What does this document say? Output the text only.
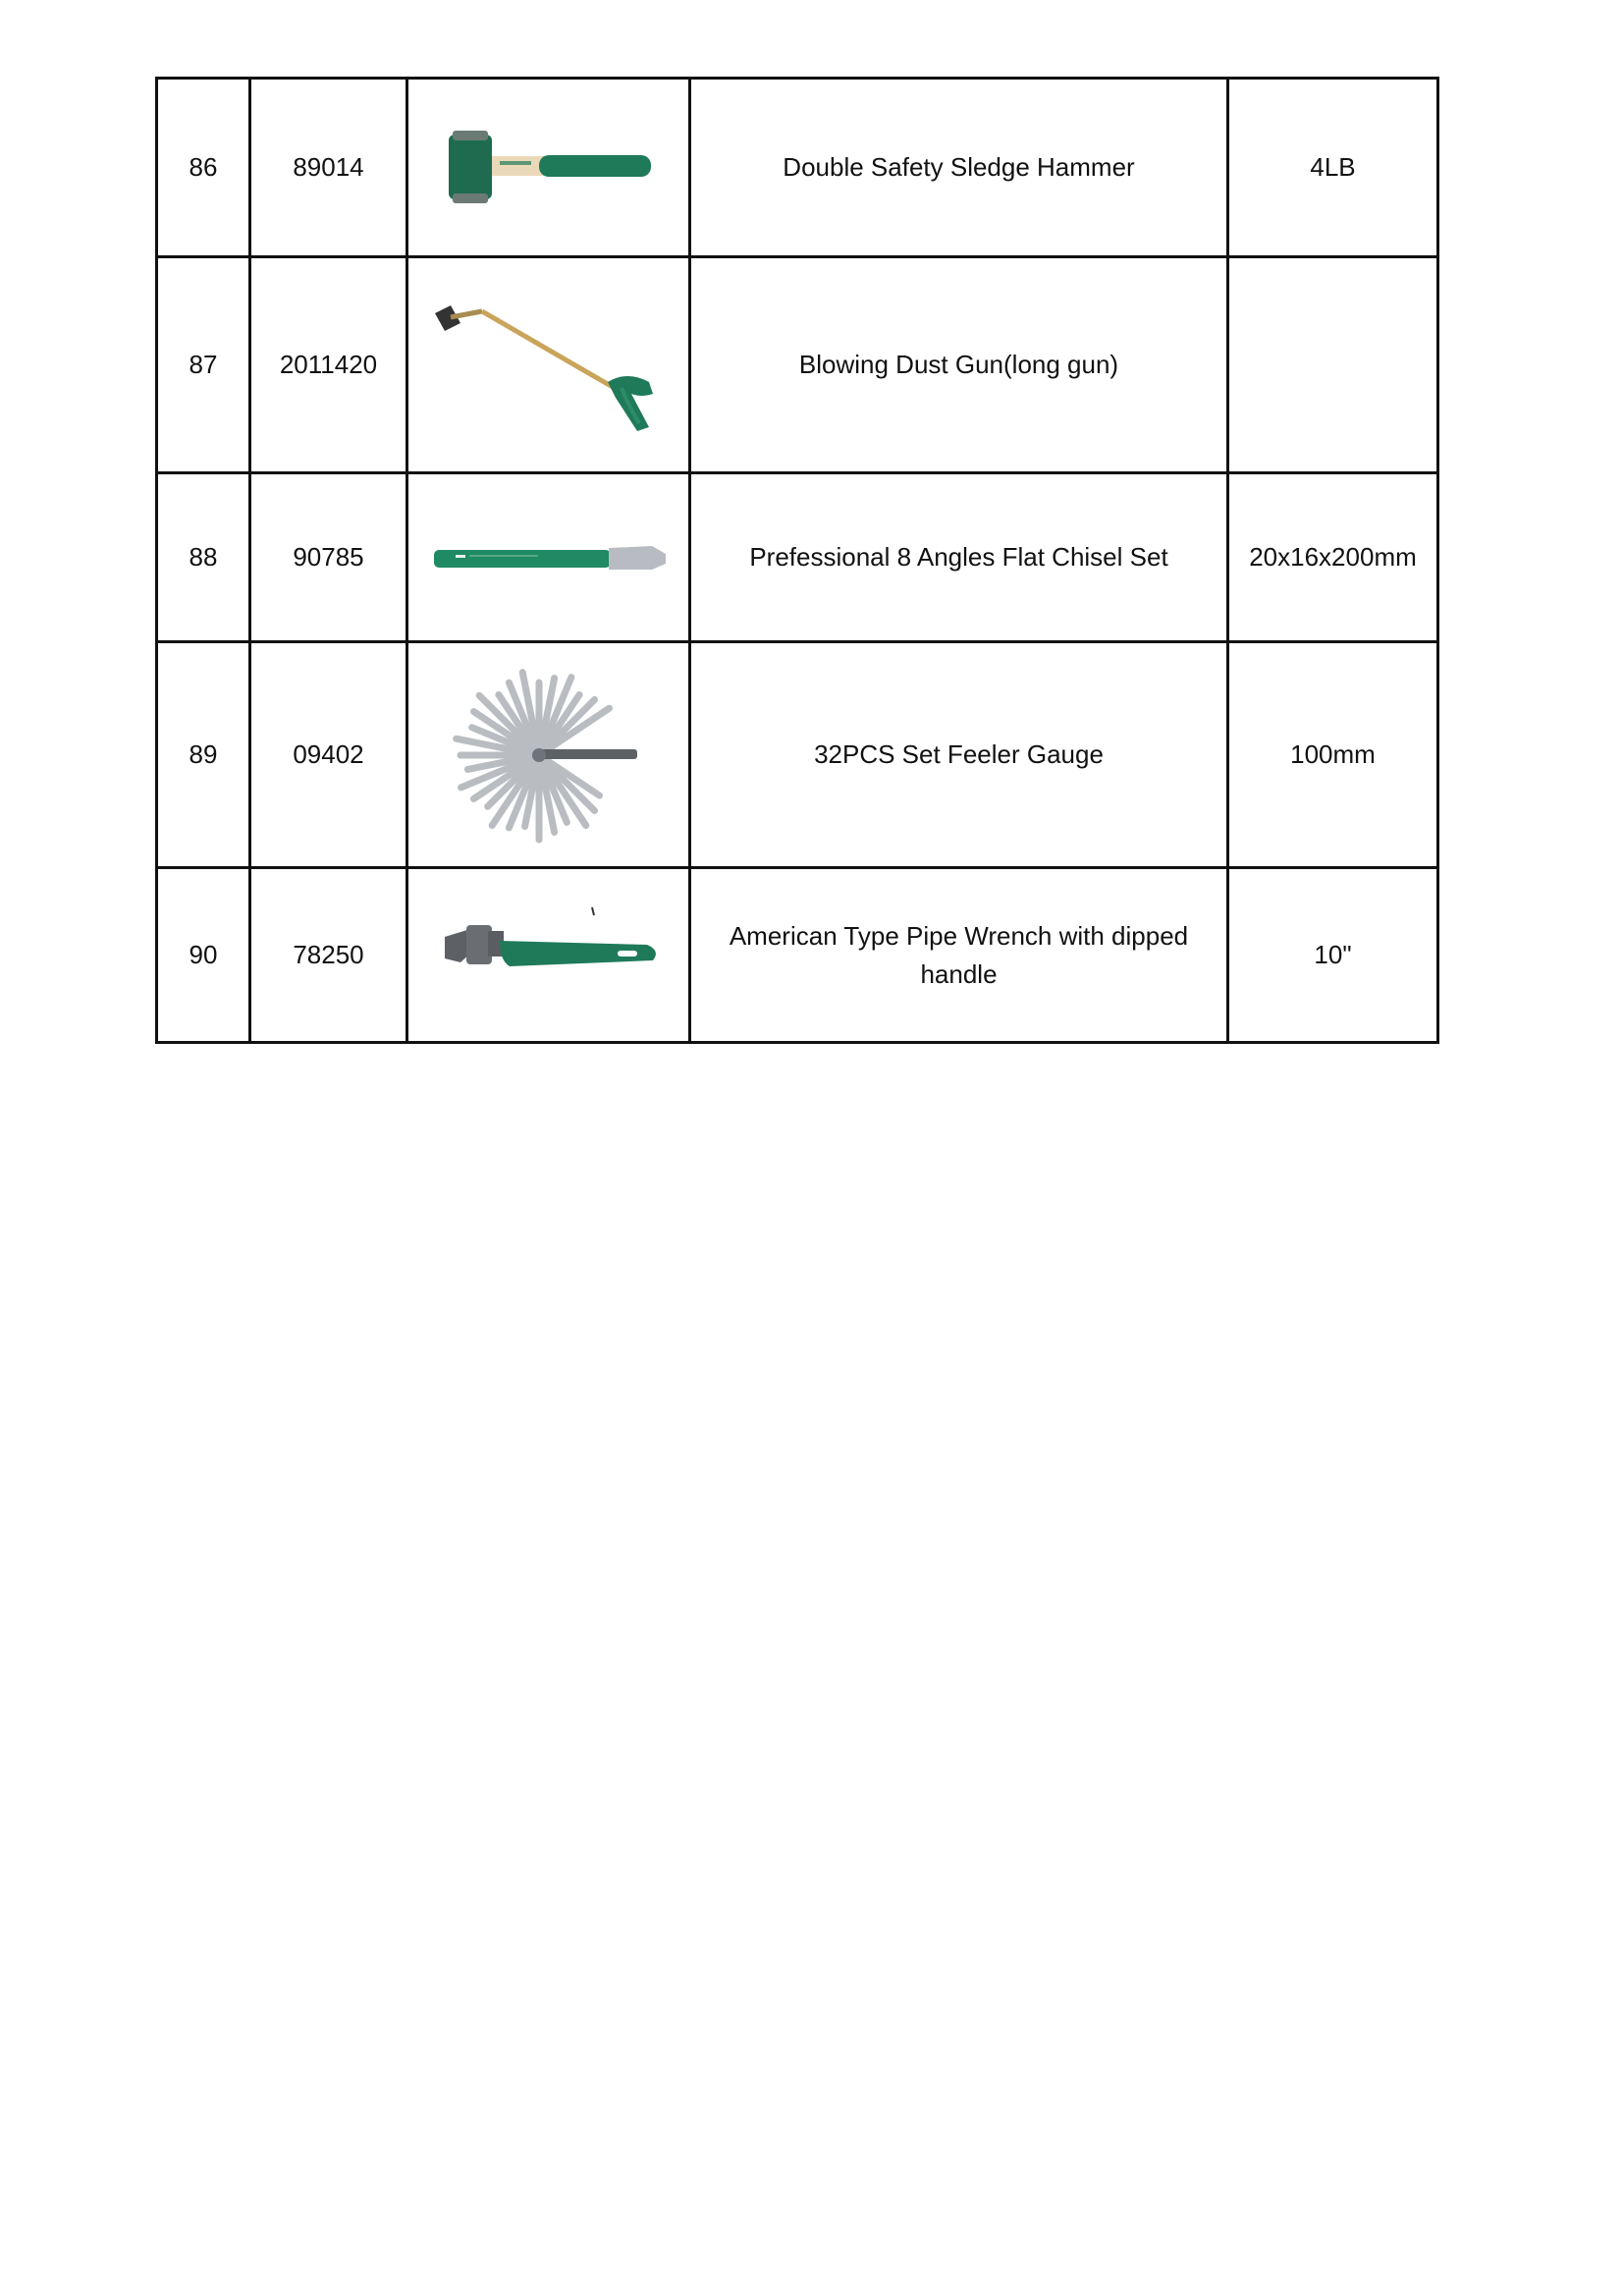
86	89014		Double Safety Sledge Hammer	4LB
87	2011420		Blowing Dust Gun(long gun)	
88	90785		Prefessional 8 Angles Flat Chisel Set	20x16x200mm
89	09402		32PCS Set Feeler Gauge	100mm
90	78250		American Type Pipe Wrench with dipped handle	10"
